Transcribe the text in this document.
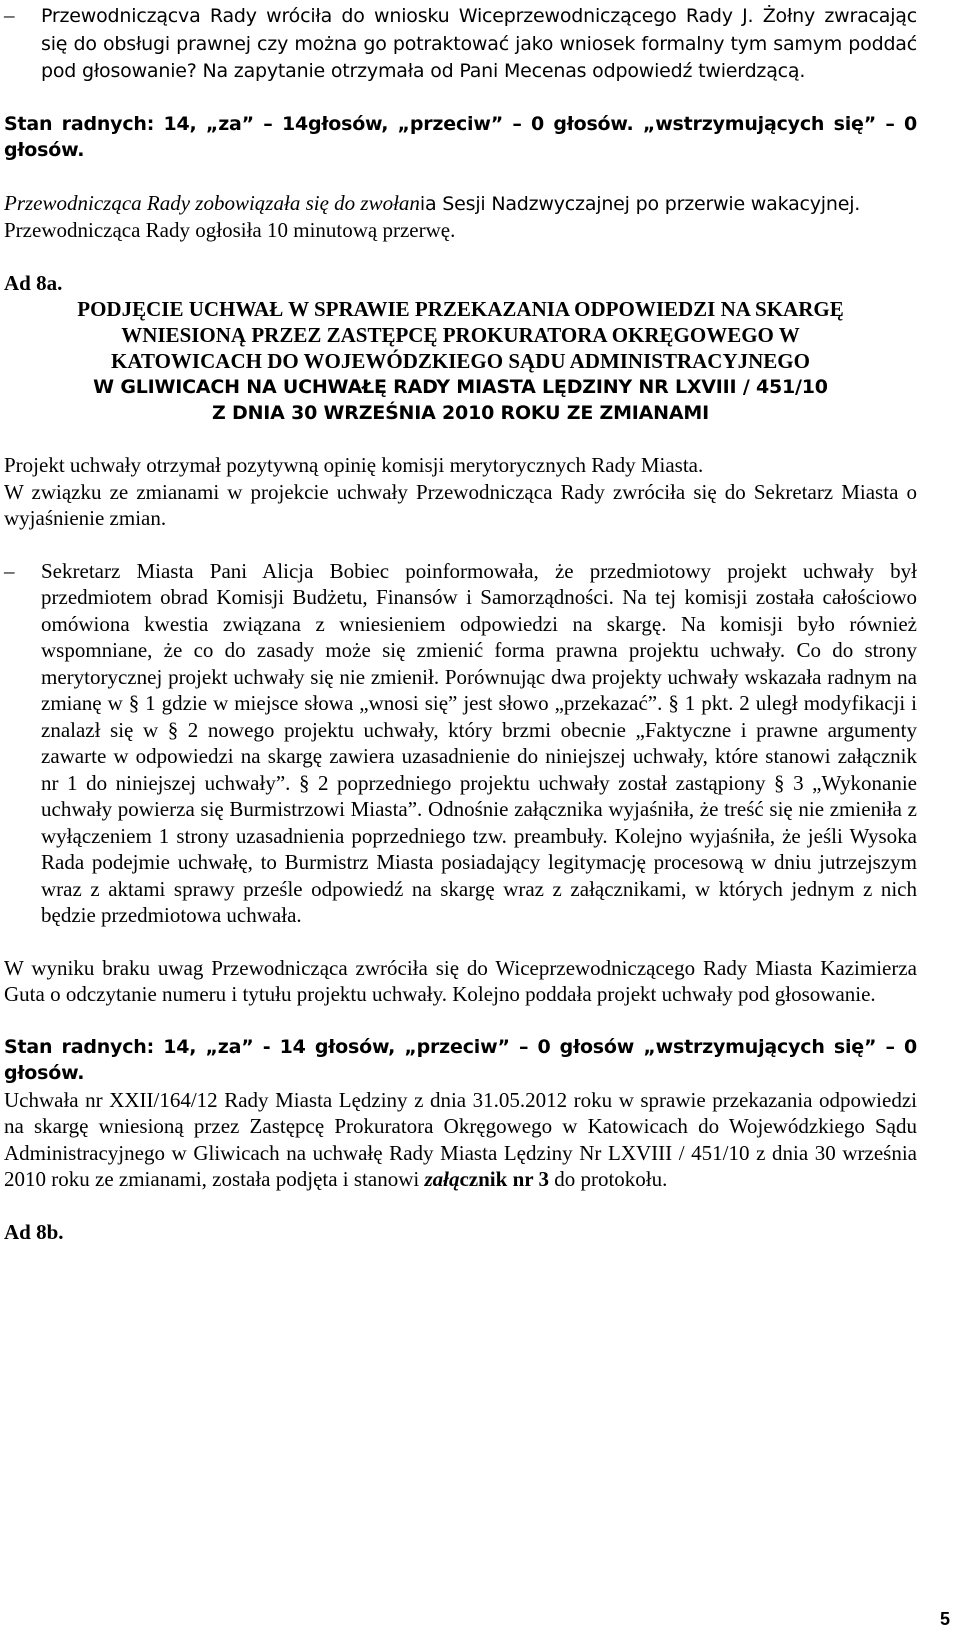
– Przewodniczącva Rady wróciła do wniosku Wiceprzewodniczącego Rady J. Żołny zwracając się do obsługi prawnej czy można go potraktować jako wniosek formalny tym samym poddać pod głosowanie? Na zapytanie otrzymała od Pani Mecenas odpowiedź twierdzącą.

Stan radnych: 14, „za” – 14głosów, „przeciw” – 0 głosów. „wstrzymujących się” – 0 głosów.

Przewodnicząca Rady zobowiązała się do zwołania Sesji Nadzwyczajnej po przerwie wakacyjnej.

Przewodnicząca Rady ogłosiła 10 minutową przerwę.

Ad 8a.

PODJĘCIE UCHWAŁ W SPRAWIE PRZEKAZANIA ODPOWIEDZI NA SKARGĘ

WNIESIONĄ PRZEZ ZASTĘPCĘ PROKURATORA OKRĘGOWEGO W

KATOWICACH DO WOJEWÓDZKIEGO SĄDU ADMINISTRACYJNEGO

W GLIWICACH NA UCHWAŁĘ RADY MIASTA LĘDZINY NR LXVIII / 451/10

Z DNIA 30 WRZEŚNIA 2010 ROKU ZE ZMIANAMI

Projekt uchwały otrzymał pozytywną opinię komisji merytorycznych Rady Miasta.

W związku ze zmianami w projekcie uchwały Przewodnicząca Rady zwróciła się do Sekretarz Miasta o wyjaśnienie zmian.

– Sekretarz Miasta Pani Alicja Bobiec poinformowała, że przedmiotowy projekt uchwały był przedmiotem obrad Komisji Budżetu, Finansów i Samorządności. Na tej komisji została całościowo omówiona kwestia związana z wniesieniem odpowiedzi na skargę. Na komisji było również wspomniane, że co do zasady może się zmienić forma prawna projektu uchwały. Co do strony merytorycznej projekt uchwały się nie zmienił. Porównując dwa projekty uchwały wskazała radnym na zmianę w § 1 gdzie w miejsce słowa „wnosi się” jest słowo „przekazać”. § 1 pkt. 2 uległ modyfikacji i znalazł się w § 2 nowego projektu uchwały, który brzmi obecnie „Faktyczne i prawne argumenty zawarte w odpowiedzi na skargę zawiera uzasadnienie do niniejszej uchwały, które stanowi załącznik nr 1 do niniejszej uchwały”. § 2 poprzedniego projektu uchwały został zastąpiony § 3 „Wykonanie uchwały powierza się Burmistrzowi Miasta”. Odnośnie załącznika wyjaśniła, że treść się nie zmieniła z wyłączeniem 1 strony uzasadnienia poprzedniego tzw. preambuły. Kolejno wyjaśniła, że jeśli Wysoka Rada podejmie uchwałę, to Burmistrz Miasta posiadający legitymację procesową w dniu jutrzejszym wraz z aktami sprawy prześle odpowiedź na skargę wraz z załącznikami, w których jednym z nich będzie przedmiotowa uchwała.

W wyniku braku uwag Przewodnicząca zwróciła się do Wiceprzewodniczącego Rady Miasta Kazimierza Guta o odczytanie numeru i tytułu projektu uchwały. Kolejno poddała projekt uchwały pod głosowanie.

Stan radnych: 14, „za” - 14 głosów, „przeciw” – 0 głosów „wstrzymujących się” – 0 głosów.

Uchwała nr XXII/164/12 Rady Miasta Lędziny z dnia 31.05.2012 roku w sprawie przekazania odpowiedzi na skargę wniesioną przez Zastępcę Prokuratora Okręgowego w Katowicach do Wojewódzkiego Sądu Administracyjnego w Gliwicach na uchwałę Rady Miasta Lędziny Nr LXVIII / 451/10 z dnia 30 września 2010 roku ze zmianami, została podjęta i stanowi załącznik nr 3 do protokołu.

Ad 8b.

5
